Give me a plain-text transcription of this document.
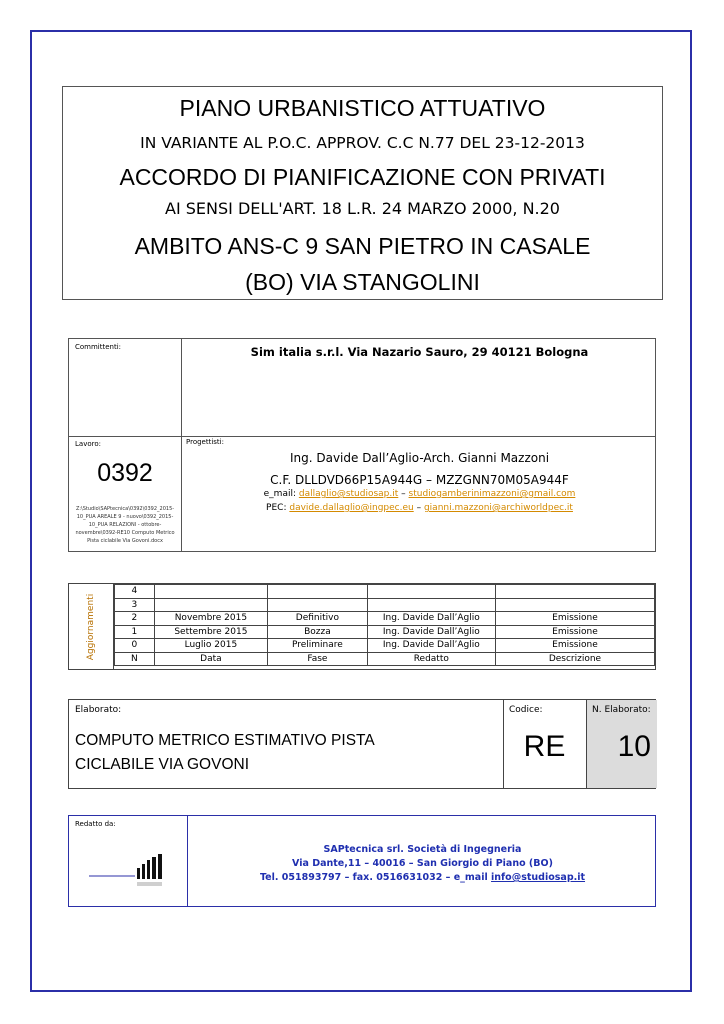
PIANO URBANISTICO ATTUATIVO
IN VARIANTE AL P.O.C. APPROV. C.C N.77 DEL 23-12-2013
ACCORDO DI PIANIFICAZIONE CON PRIVATI
AI SENSI DELL'ART. 18 L.R. 24 MARZO 2000, N.20
AMBITO ANS-C 9 SAN PIETRO IN CASALE
(BO) VIA STANGOLINI
Committenti:	Sim italia s.r.l. Via Nazario Sauro, 29 40121 Bologna
Lavoro:
0392
Z:\Studio\SAPtecnica\0392\0392_2015-10_PUA AREALE 9 - nuovo\0392_2015-10_PUA RELAZIONI - ottobre-novembre\0392-RE10 Computo Metrico Pista ciclabile Via Govoni.docx
Progettisti:
Ing. Davide Dall’Aglio-Arch. Gianni Mazzoni
C.F. DLLDVD66P15A944G – MZZGNN70M05A944F
e_mail: dallaglio@studiosap.it – studiogamberinimazzoni@gmail.com
PEC: davide.dallaglio@ingpec.eu – gianni.mazzoni@archiworldpec.it
Aggiornamenti
4				
3				
2	Novembre 2015	Definitivo	Ing. Davide Dall’Aglio	Emissione
1	Settembre 2015	Bozza	Ing. Davide Dall’Aglio	Emissione
0	Luglio 2015	Preliminare	Ing. Davide Dall’Aglio	Emissione
N	Data	Fase	Redatto	Descrizione
Elaborato:
COMPUTO METRICO ESTIMATIVO PISTA
CICLABILE VIA GOVONI
Codice:
RE
N. Elaborato:
10
Redatto da:
SAPtecnica srl. Società di Ingegneria
Via Dante,11 – 40016 – San Giorgio di Piano (BO)
Tel. 051893797 – fax. 0516631032 – e_mail info@studiosap.it
